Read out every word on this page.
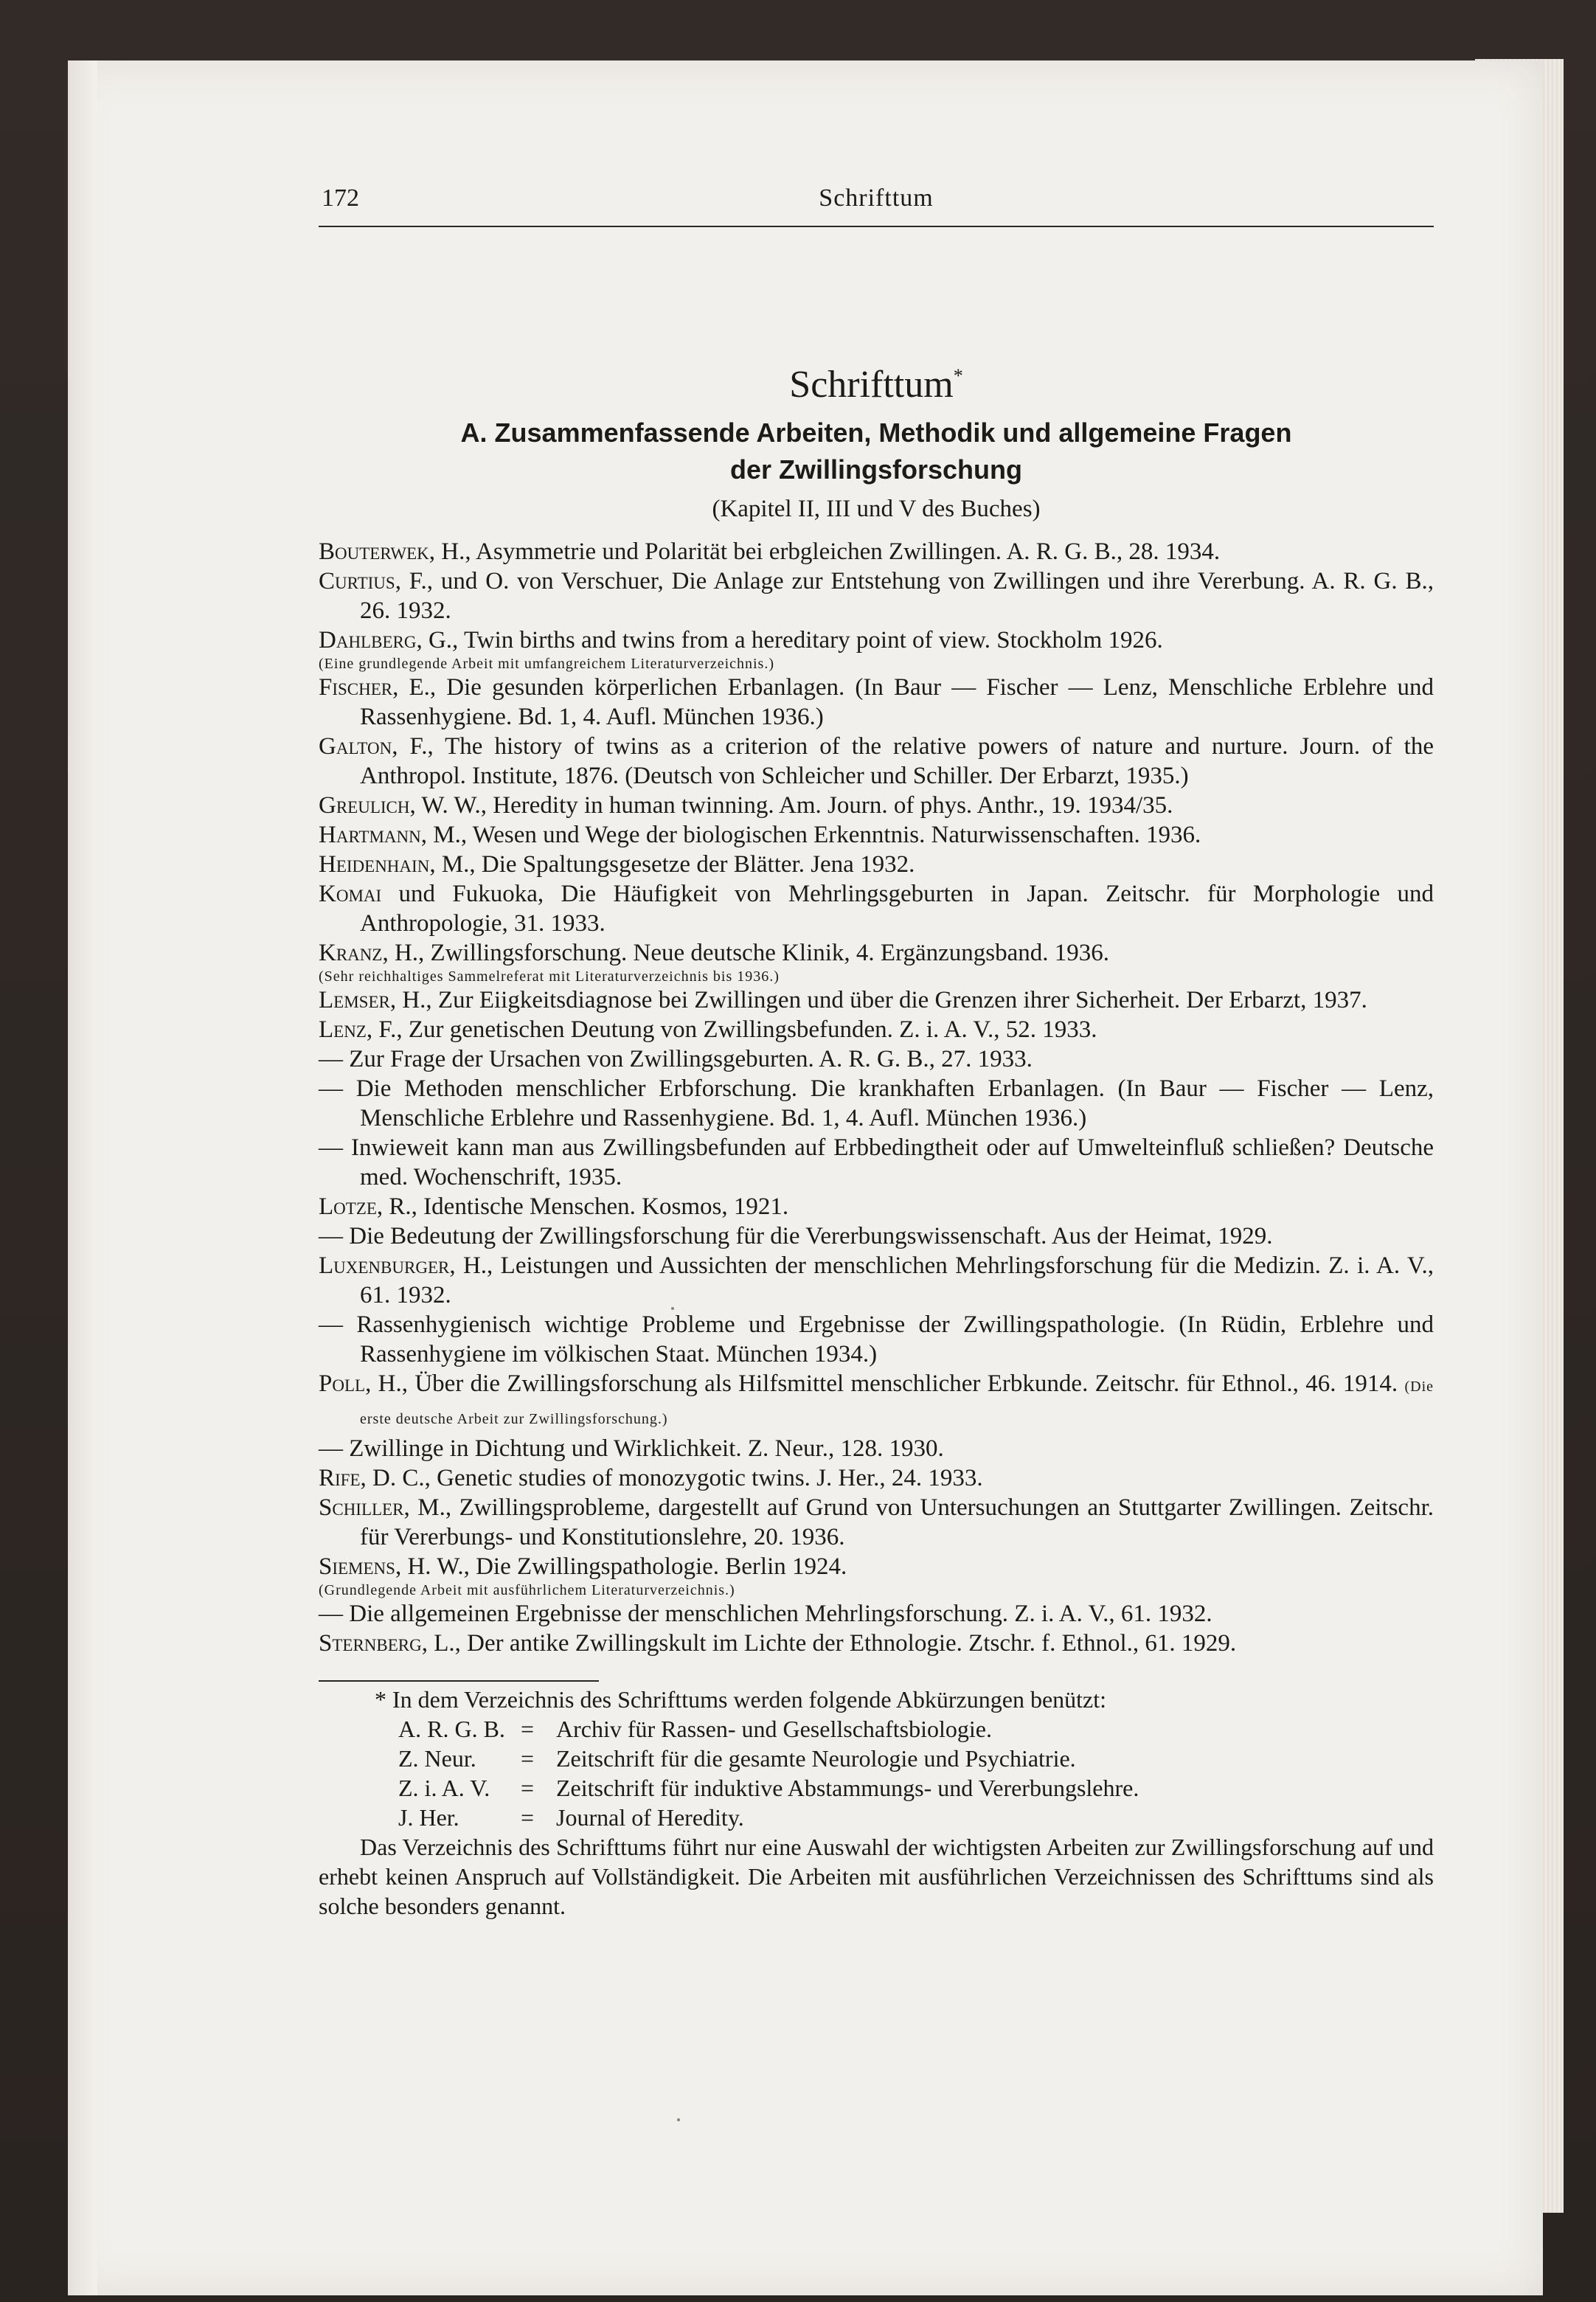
172	Schrifttum
Schrifttum*
A. Zusammenfassende Arbeiten, Methodik und allgemeine Fragen
der Zwillingsforschung
(Kapitel II, III und V des Buches)
Bouterwek, H., Asymmetrie und Polarität bei erbgleichen Zwillingen. A. R. G. B., 28. 1934.
Curtius, F., und O. von Verschuer, Die Anlage zur Entstehung von Zwillingen und ihre Vererbung. A. R. G. B., 26. 1932.
Dahlberg, G., Twin births and twins from a hereditary point of view. Stockholm 1926.
(Eine grundlegende Arbeit mit umfangreichem Literaturverzeichnis.)
Fischer, E., Die gesunden körperlichen Erbanlagen. (In Baur — Fischer — Lenz, Menschliche Erblehre und Rassenhygiene. Bd. 1, 4. Aufl. München 1936.)
Galton, F., The history of twins as a criterion of the relative powers of nature and nurture. Journ. of the Anthropol. Institute, 1876. (Deutsch von Schleicher und Schiller. Der Erbarzt, 1935.)
Greulich, W. W., Heredity in human twinning. Am. Journ. of phys. Anthr., 19. 1934/35.
Hartmann, M., Wesen und Wege der biologischen Erkenntnis. Naturwissenschaften. 1936.
Heidenhain, M., Die Spaltungsgesetze der Blätter. Jena 1932.
Komai und Fukuoka, Die Häufigkeit von Mehrlingsgeburten in Japan. Zeitschr. für Morphologie und Anthropologie, 31. 1933.
Kranz, H., Zwillingsforschung. Neue deutsche Klinik, 4. Ergänzungsband. 1936.
(Sehr reichhaltiges Sammelreferat mit Literaturverzeichnis bis 1936.)
Lemser, H., Zur Eiigkeitsdiagnose bei Zwillingen und über die Grenzen ihrer Sicherheit. Der Erbarzt, 1937.
Lenz, F., Zur genetischen Deutung von Zwillingsbefunden. Z. i. A. V., 52. 1933.
— Zur Frage der Ursachen von Zwillingsgeburten. A. R. G. B., 27. 1933.
— Die Methoden menschlicher Erbforschung. Die krankhaften Erbanlagen. (In Baur — Fischer — Lenz, Menschliche Erblehre und Rassenhygiene. Bd. 1, 4. Aufl. München 1936.)
— Inwieweit kann man aus Zwillingsbefunden auf Erbbedingtheit oder auf Umwelteinfluß schließen? Deutsche med. Wochenschrift, 1935.
Lotze, R., Identische Menschen. Kosmos, 1921.
— Die Bedeutung der Zwillingsforschung für die Vererbungswissenschaft. Aus der Heimat, 1929.
Luxenburger, H., Leistungen und Aussichten der menschlichen Mehrlingsforschung für die Medizin. Z. i. A. V., 61. 1932.
— Rassenhygienisch wichtige Probleme und Ergebnisse der Zwillingspathologie. (In Rüdin, Erblehre und Rassenhygiene im völkischen Staat. München 1934.)
Poll, H., Über die Zwillingsforschung als Hilfsmittel menschlicher Erbkunde. Zeitschr. für Ethnol., 46. 1914. (Die erste deutsche Arbeit zur Zwillingsforschung.)
— Zwillinge in Dichtung und Wirklichkeit. Z. Neur., 128. 1930.
Rife, D. C., Genetic studies of monozygotic twins. J. Her., 24. 1933.
Schiller, M., Zwillingsprobleme, dargestellt auf Grund von Untersuchungen an Stuttgarter Zwillingen. Zeitschr. für Vererbungs- und Konstitutionslehre, 20. 1936.
Siemens, H. W., Die Zwillingspathologie. Berlin 1924.
(Grundlegende Arbeit mit ausführlichem Literaturverzeichnis.)
— Die allgemeinen Ergebnisse der menschlichen Mehrlingsforschung. Z. i. A. V., 61. 1932.
Sternberg, L., Der antike Zwillingskult im Lichte der Ethnologie. Ztschr. f. Ethnol., 61. 1929.
* In dem Verzeichnis des Schrifttums werden folgende Abkürzungen benützt:
A. R. G. B. = Archiv für Rassen- und Gesellschaftsbiologie.
Z. Neur.	= Zeitschrift für die gesamte Neurologie und Psychiatrie.
Z. i. A. V.	= Zeitschrift für induktive Abstammungs- und Vererbungslehre.
J. Her.	= Journal of Heredity.
Das Verzeichnis des Schrifttums führt nur eine Auswahl der wichtigsten Arbeiten zur Zwillingsforschung auf und erhebt keinen Anspruch auf Vollständigkeit. Die Arbeiten mit ausführlichen Verzeichnissen des Schrifttums sind als solche besonders genannt.
